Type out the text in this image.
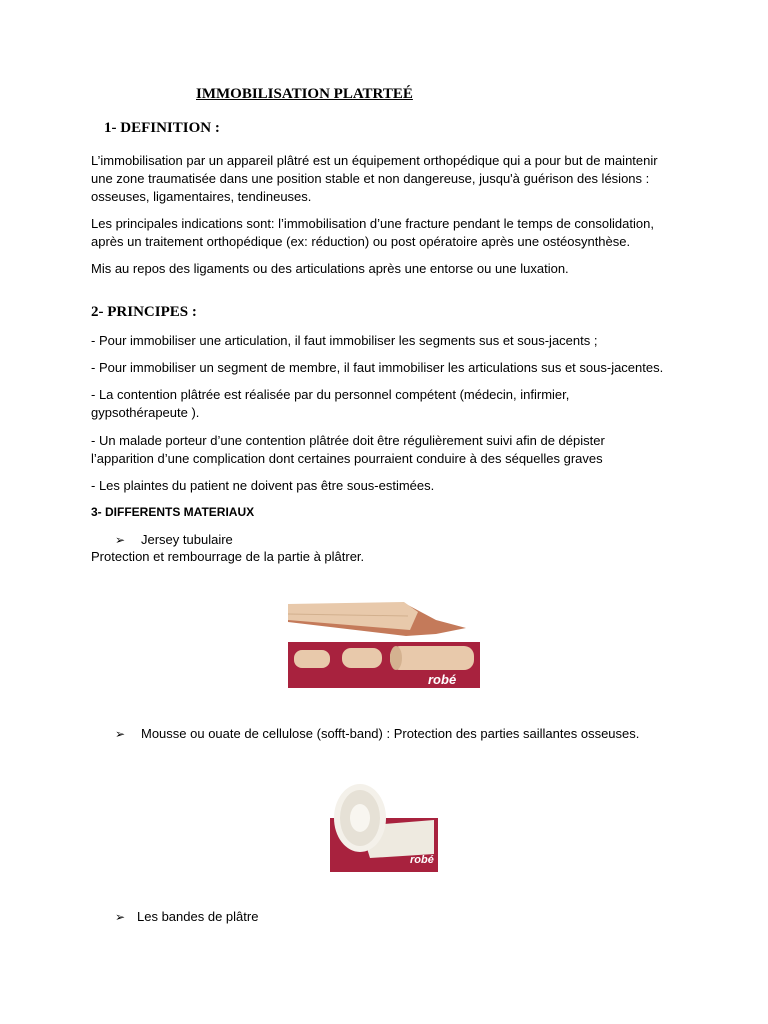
IMMOBILISATION PLATRTEÉ
1- DEFINITION :
L’immobilisation par un appareil plâtré est un équipement orthopédique qui a pour but de maintenir
une zone traumatisée dans une position stable et non dangereuse, jusqu'à guérison des lésions :
osseuses, ligamentaires, tendineuses.
Les principales indications sont: l’immobilisation d’une fracture pendant le temps de consolidation,
après un traitement orthopédique (ex: réduction) ou post opératoire après une ostéosynthèse.
Mis au repos des ligaments ou des articulations après une entorse ou une luxation.
2- PRINCIPES :
- Pour immobiliser une articulation, il faut immobiliser les segments sus et sous-jacents ;
- Pour immobiliser un segment de membre, il faut immobiliser les articulations sus et sous-jacentes.
- La contention plâtrée est réalisée par du personnel compétent (médecin, infirmier,
gypsothérapeute ).
- Un malade porteur d’une contention plâtrée doit être régulièrement suivi afin de dépister
l’apparition d’une complication dont certaines pourraient conduire à des séquelles graves
- Les plaintes du patient ne doivent pas être sous-estimées.
3- DIFFERENTS MATERIAUX
➢ Jersey tubulaire
Protection et rembourrage de la partie à plâtrer.
robé
➢ Mousse ou ouate de cellulose (sofft-band) : Protection des parties saillantes osseuses.
robé
➢ Les bandes de plâtre
